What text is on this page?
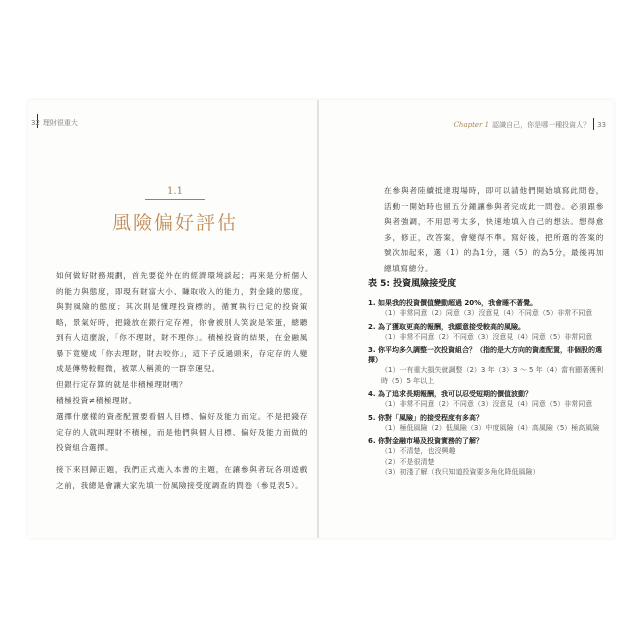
32 理財很重大	Chapter 1 認識自己，你是哪一種投資人？ 33
1.1
風險偏好評估
如何做好財務規劃，首先要從外在的經濟環境談起；再來是分析個人的能力與態度，即現有財富大小、賺取收入的能力，對金錢的態度，與對風險的態度；其次則是懂理投資標的，循實執行已定的投資策略，景氣好時，把錢放在銀行定存裡，你會被別人笑說是笨蛋，總聽到有人這麼說，「你不理財，財不理你」。積極投資的結果，在金融風暴下竟變成「你去理財，財去咬你」，這下子反過頭來，存定存的人變成是傳勢較輕微，被眾人稱羨的一群幸運兒。
但銀行定存算的就是非積極理財嗎？
積極投資≠積極理財。
選擇什麼樣的資產配置要看個人目標、偏好及能力而定。不是把錢存定存的人就叫理財不積極，而是他們與個人目標、偏好及能力而做的投資組合選擇。
接下來回歸正題，我們正式進入本書的主題，在讓參與者玩各項遊戲之前，我總是會讓大家先填一份風險接受度調查的問卷（參見表5）。
在參與者陸續抵達現場時，即可以請他們開始填寫此問卷，活動一開始時也留五分鐘讓參與者完成此一問卷。必須跟參與者強調，不用思考太多，快速地填入自己的想法。想得愈多，修正，改答案，會變得不準。寫好後，把所選的答案的號次加起來，選（1）的為1分，選（5）的為5分，最後再加總填寫總分。
表 5: 投資風險接受度
1. 如果我的投資價值變動超過 20%，我會睡不著覺。
（1）非常同意（2）同意（3）沒意見（4）不同意（5）非常不同意
2. 為了獲取更高的報酬，我願意接受較高的風險。
（1）非常不同意（2）不同意（3）沒意見（4）同意（5）非常同意
3. 你平均多久調整一次投資組合？（指的是大方向的資產配置，非個股的選擇）
（1）一有重大損失就調整（2）3 年（3）3 ～ 5 年（4）當有顯著獲利時（5）5 年以上
4. 為了追求長期報酬，我可以忍受短期的價值波動？
（1）非常不同意（2）不同意（3）沒意見（4）同意（5）非常同意
5. 你對「風險」的接受程度有多高？
（1）極低風險（2）低風險（3）中度風險（4）高風險（5）極高風險
6. 你對金融市場及投資實務的了解？
（1）不清楚，也沒興趣
（2）不是很清楚
（3）初淺了解（我只知道投資要多角化降低風險）
